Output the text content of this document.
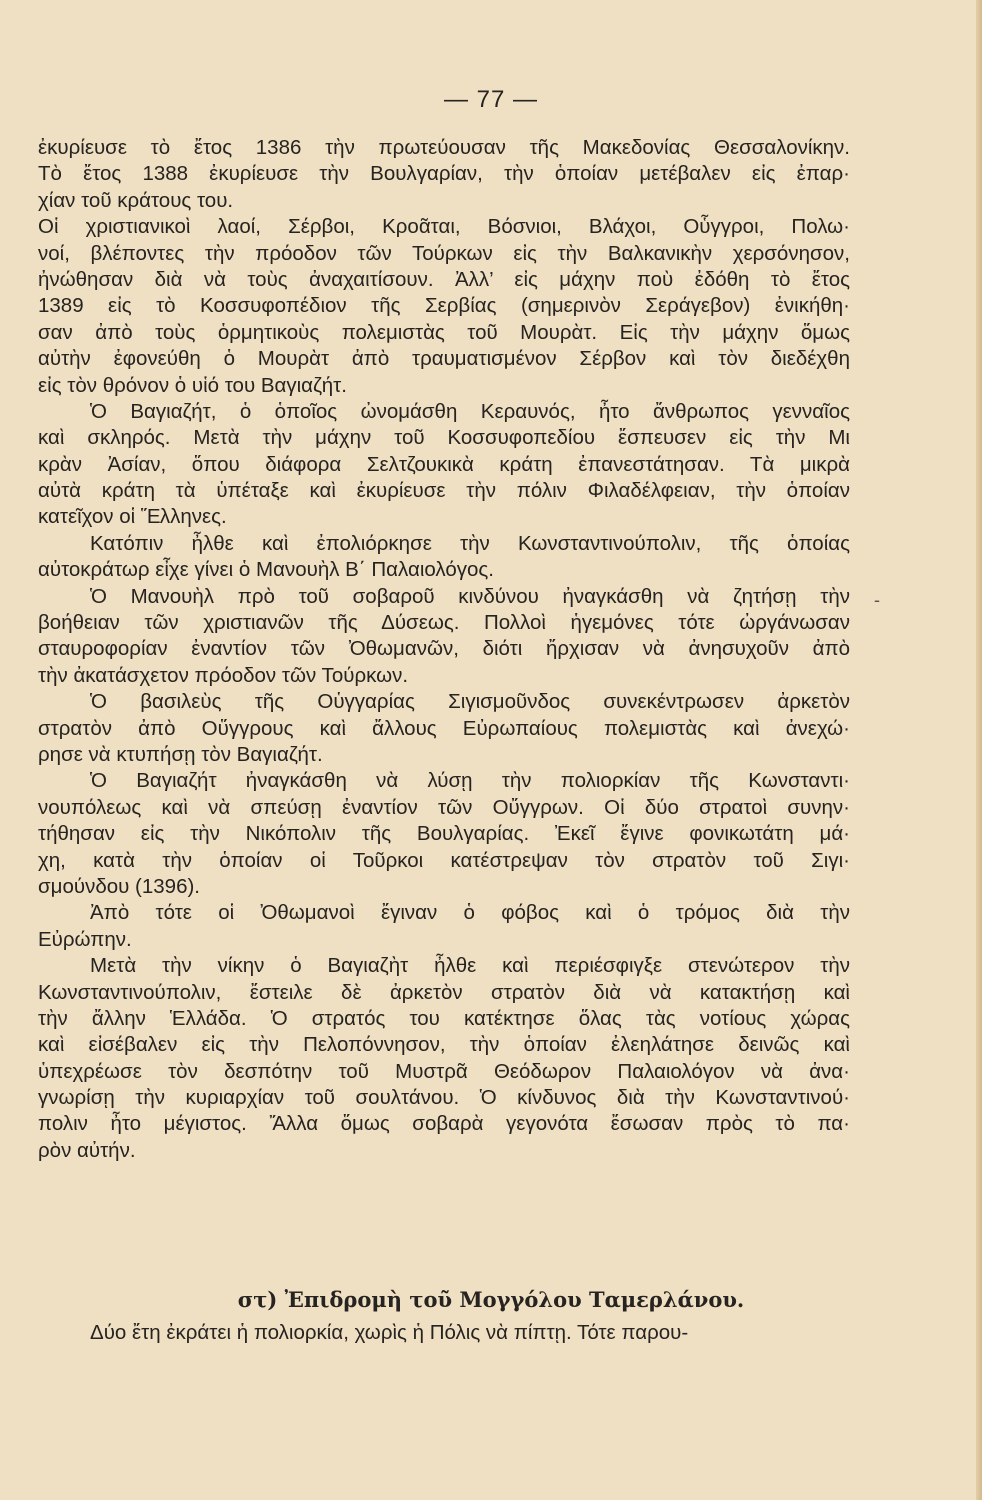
— 77 —
ἐκυρίευσε τὸ ἔτος 1386 τὴν πρωτεύουσαν τῆς Μακεδονίας Θεσσαλονίκην.
Τὸ ἔτος 1388 ἐκυρίευσε τὴν Βουλγαρίαν, τὴν ὁποίαν μετέβαλεν εἰς ἐπαρ·
χίαν τοῦ κράτους του.
Οἱ χριστιανικοὶ λαοί, Σέρβοι, Κροᾶται, Βόσνιοι, Βλάχοι, Οὗγγροι, Πολω·
νοί, βλέποντες τὴν πρόοδον τῶν Τούρκων εἰς τὴν Βαλκανικὴν χερσόνησον,
ἠνώθησαν διὰ νὰ τοὺς ἀναχαιτίσουν. Ἀλλ’ εἰς μάχην ποὺ ἐδόθη τὸ ἔτος
1389 εἰς τὸ Κοσσυφοπέδιον τῆς Σερβίας (σημερινὸν Σεράγεβον) ἐνικήθη·
σαν ἀπὸ τοὺς ὁρμητικοὺς πολεμιστὰς τοῦ Μουρὰτ. Εἰς τὴν μάχην ὅμως
αὐτὴν ἐφονεύθη ὁ Μουρὰτ ἀπὸ τραυματισμένον Σέρβον καὶ τὸν διεδέχθη
εἰς τὸν θρόνον ὁ υἱό του Βαγιαζήτ.
Ὁ Βαγιαζήτ, ὁ ὁποῖος ὠνομάσθη Κεραυνός, ἦτο ἄνθρωπος γενναῖος
καὶ σκληρός. Μετὰ τὴν μάχην τοῦ Κοσσυφοπεδίου ἔσπευσεν εἰς τὴν Μι
κρὰν Ἀσίαν, ὅπου διάφορα Σελτζουκικὰ κράτη ἐπανεστάτησαν. Τὰ μικρὰ
αὐτὰ κράτη τὰ ὑπέταξε καὶ ἐκυρίευσε τὴν πόλιν Φιλαδέλφειαν, τὴν ὁποίαν
κατεῖχον οἱ Ἕλληνες.
Κατόπιν ἦλθε καὶ ἐπολιόρκησε τὴν Κωνσταντινούπολιν, τῆς ὁποίας
αὐτοκράτωρ εἶχε γίνει ὁ Μανουὴλ Β΄ Παλαιολόγος.
Ὁ Μανουὴλ πρὸ τοῦ σοβαροῦ κινδύνου ἠναγκάσθη νὰ ζητήσῃ τὴν
βοήθειαν τῶν χριστιανῶν τῆς Δύσεως. Πολλοὶ ἡγεμόνες τότε ὠργάνωσαν
σταυροφορίαν ἐναντίον τῶν Ὀθωμανῶν, διότι ἤρχισαν νὰ ἀνησυχοῦν ἀπὸ
τὴν ἀκατάσχετον πρόοδον τῶν Τούρκων.
Ὁ βασιλεὺς τῆς Οὑγγαρίας Σιγισμοῦνδος συνεκέντρωσεν ἀρκετὸν
στρατὸν ἀπὸ Οὕγγρους καὶ ἄλλους Εὐρωπαίους πολεμιστὰς καὶ ἀνεχώ·
ρησε νὰ κτυπήσῃ τὸν Βαγιαζήτ.
Ὁ Βαγιαζήτ ἠναγκάσθη νὰ λύσῃ τὴν πολιορκίαν τῆς Κωνσταντι·
νουπόλεως καὶ νὰ σπεύσῃ ἐναντίον τῶν Οὔγγρων. Οἱ δύο στρατοὶ συνην·
τήθησαν εἰς τὴν Νικόπολιν τῆς Βουλγαρίας. Ἐκεῖ ἔγινε φονικωτάτη μά·
χη, κατὰ τὴν ὁποίαν οἱ Τοῦρκοι κατέστρεψαν τὸν στρατὸν τοῦ Σιγι·
σμούνδου (1396).
Ἀπὸ τότε οἱ Ὀθωμανοὶ ἔγιναν ὁ φόβος καὶ ὁ τρόμος διὰ τὴν
Εὐρώπην.
Μετὰ τὴν νίκην ὁ Βαγιαζὴτ ἦλθε καὶ περιέσφιγξε στενώτερον τὴν
Κωνσταντινούπολιν, ἔστειλε δὲ ἀρκετὸν στρατὸν διὰ νὰ κατακτήσῃ καὶ
τὴν ἄλλην Ἑλλάδα. Ὁ στρατός του κατέκτησε ὅλας τὰς νοτίους χώρας
καὶ εἰσέβαλεν εἰς τὴν Πελοπόννησον, τὴν ὁποίαν ἐλεηλάτησε δεινῶς καὶ
ὑπεχρέωσε τὸν δεσπότην τοῦ Μυστρᾶ Θεόδωρον Παλαιολόγον νὰ ἀνα·
γνωρίσῃ τὴν κυριαρχίαν τοῦ σουλτάνου. Ὁ κίνδυνος διὰ τὴν Κωνσταντινού·
πολιν ἦτο μέγιστος. Ἄλλα ὅμως σοβαρὰ γεγονότα ἔσωσαν πρὸς τὸ πα·
ρὸν αὐτήν.
στ) Ἐπιδρομὴ τοῦ Μογγόλου Ταμερλάνου.
Δύο ἔτη ἐκράτει ἡ πολιορκία, χωρὶς ἡ Πόλις νὰ πίπτῃ. Τότε παρου-
-
